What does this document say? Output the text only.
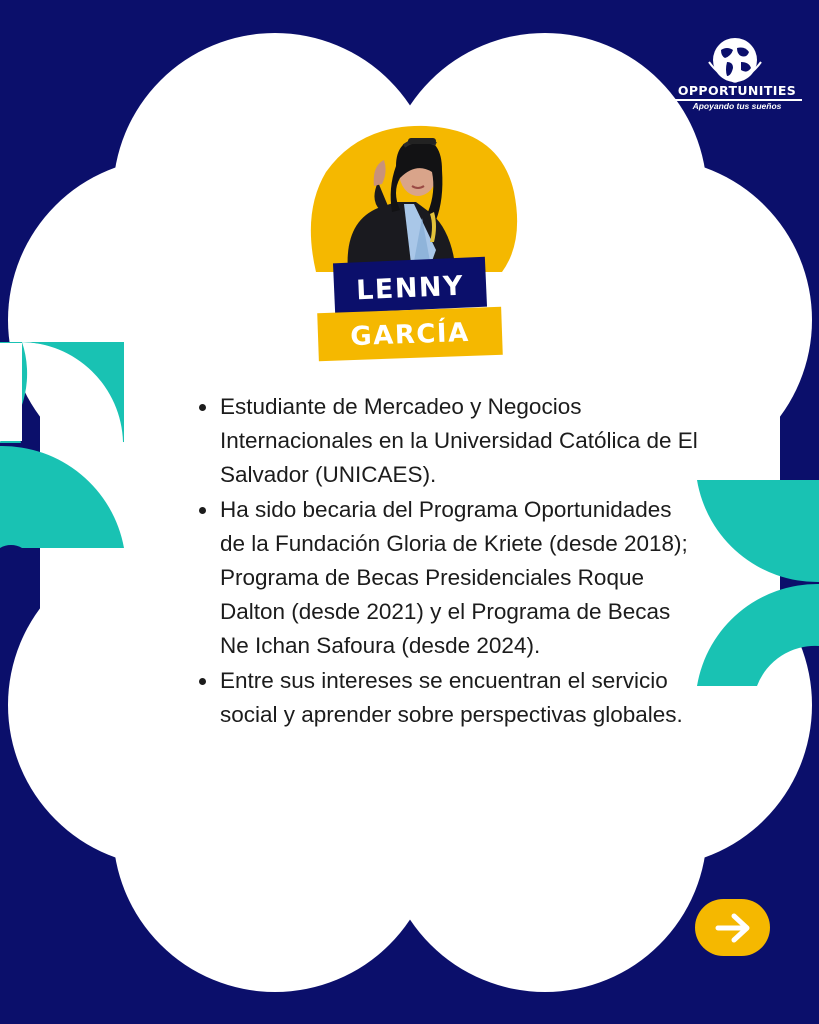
OPPORTUNITIES
Apoyando tus sueños
LENNY
GARCÍA
Estudiante de Mercadeo y Negocios Internacionales en la Universidad Católica de El Salvador (UNICAES).
Ha sido becaria del Programa Oportunidades de la Fundación Gloria de Kriete (desde 2018); Programa de Becas Presidenciales Roque Dalton (desde 2021) y el Programa de Becas Ne Ichan Safoura (desde 2024).
Entre sus intereses se encuentran el servicio social y aprender sobre perspectivas globales.
